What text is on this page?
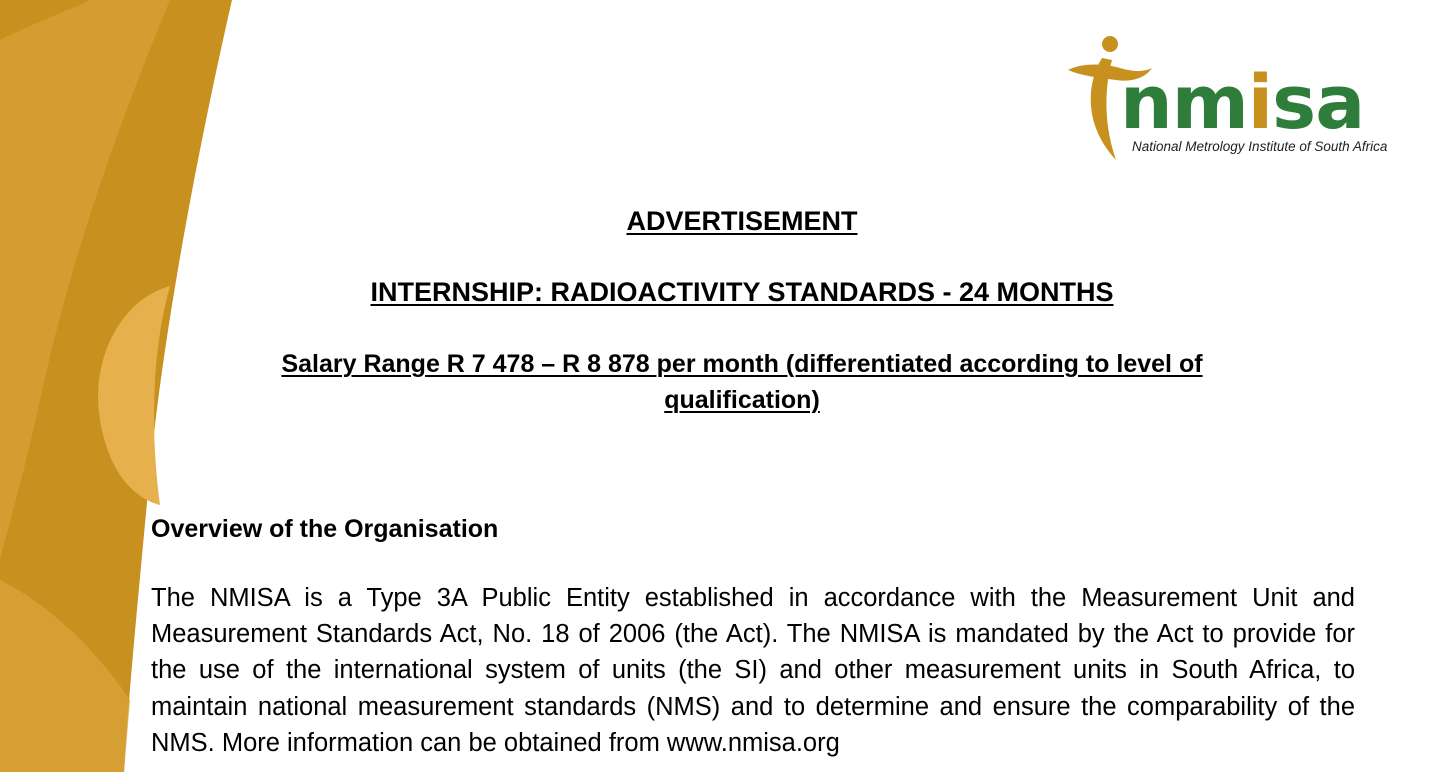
nmisa
National Metrology Institute of South Africa
ADVERTISEMENT
INTERNSHIP: RADIOACTIVITY STANDARDS - 24 MONTHS
Salary Range R 7 478 – R 8 878 per month (differentiated according to level of qualification)
Overview of the Organisation

The NMISA is a Type 3A Public Entity established in accordance with the Measurement Unit and Measurement Standards Act, No. 18 of 2006 (the Act). The NMISA is mandated by the Act to provide for the use of the international system of units (the SI) and other measurement units in South Africa, to maintain national measurement standards (NMS) and to determine and ensure the comparability of the NMS. More information can be obtained from www.nmisa.org
